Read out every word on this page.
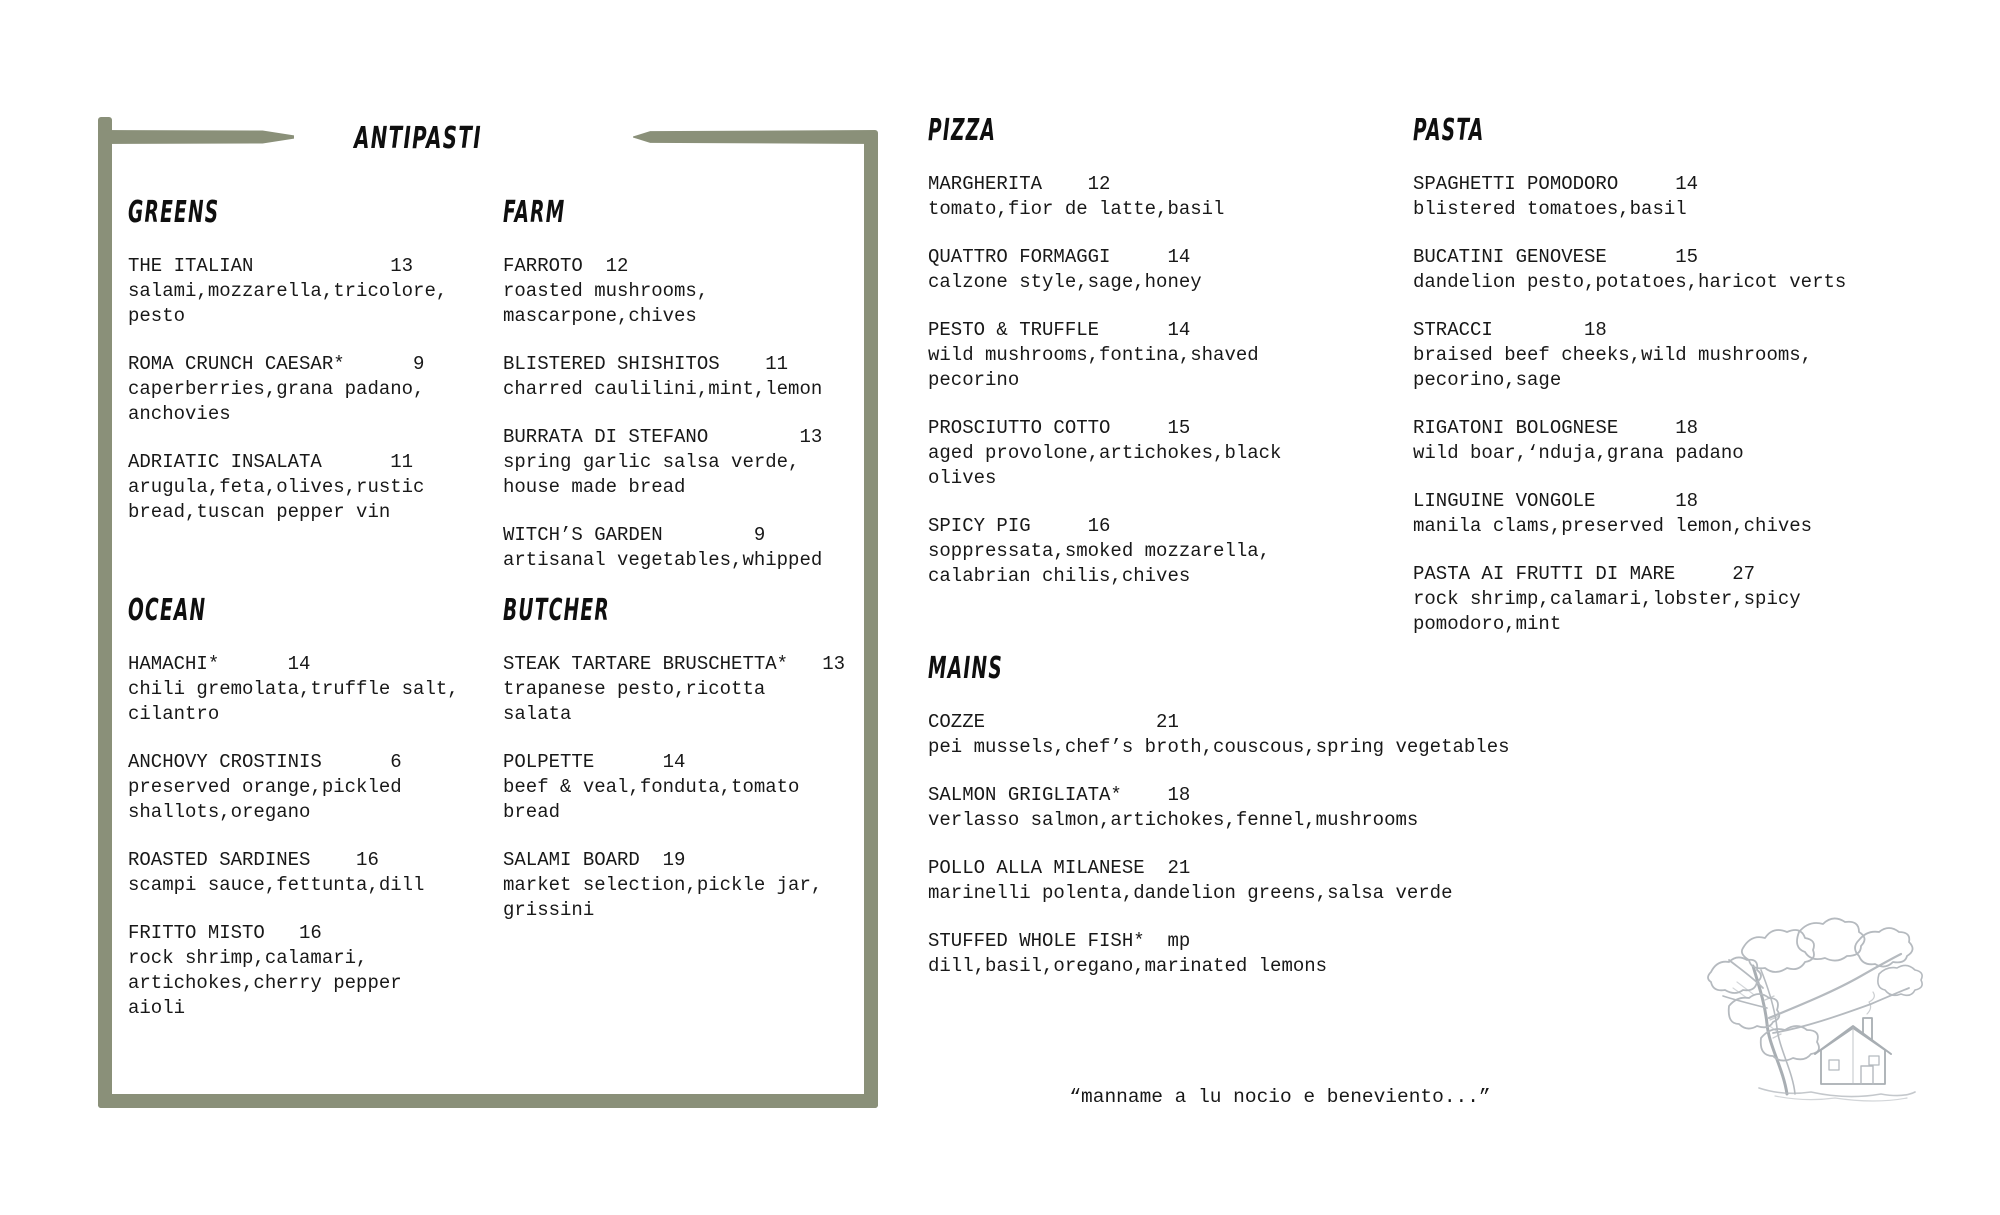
ANTIPASTI
GREENS
THE ITALIAN            13
salami,mozzarella,tricolore,
pesto
ROMA CRUNCH CAESAR*      9
caperberries,grana padano,
anchovies
ADRIATIC INSALATA      11
arugula,feta,olives,rustic
bread,tuscan pepper vin
OCEAN
HAMACHI*      14
chili gremolata,truffle salt,
cilantro
ANCHOVY CROSTINIS      6
preserved orange,pickled
shallots,oregano
ROASTED SARDINES    16
scampi sauce,fettunta,dill
FRITTO MISTO   16
rock shrimp,calamari,
artichokes,cherry pepper
aioli
FARM
FARROTO  12
roasted mushrooms,
mascarpone,chives
BLISTERED SHISHITOS    11
charred caulilini,mint,lemon
BURRATA DI STEFANO        13
spring garlic salsa verde,
house made bread
WITCH’S GARDEN        9
artisanal vegetables,whipped
BUTCHER
STEAK TARTARE BRUSCHETTA*   13
trapanese pesto,ricotta
salata
POLPETTE      14
beef & veal,fonduta,tomato
bread
SALAMI BOARD  19
market selection,pickle jar,
grissini
PIZZA
MARGHERITA    12
tomato,fior de latte,basil
QUATTRO FORMAGGI     14
calzone style,sage,honey
PESTO & TRUFFLE      14
wild mushrooms,fontina,shaved
pecorino
PROSCIUTTO COTTO     15
aged provolone,artichokes,black
olives
SPICY PIG     16
soppressata,smoked mozzarella,
calabrian chilis,chives
MAINS
COZZE               21
pei mussels,chef’s broth,couscous,spring vegetables
SALMON GRIGLIATA*    18
verlasso salmon,artichokes,fennel,mushrooms
POLLO ALLA MILANESE  21
marinelli polenta,dandelion greens,salsa verde
STUFFED WHOLE FISH*  mp
dill,basil,oregano,marinated lemons
PASTA
SPAGHETTI POMODORO     14
blistered tomatoes,basil
BUCATINI GENOVESE      15
dandelion pesto,potatoes,haricot verts
STRACCI        18
braised beef cheeks,wild mushrooms,
pecorino,sage
RIGATONI BOLOGNESE     18
wild boar,‘nduja,grana padano
LINGUINE VONGOLE       18
manila clams,preserved lemon,chives
PASTA AI FRUTTI DI MARE     27
rock shrimp,calamari,lobster,spicy
pomodoro,mint
“manname a lu nocio e beneviento...”
